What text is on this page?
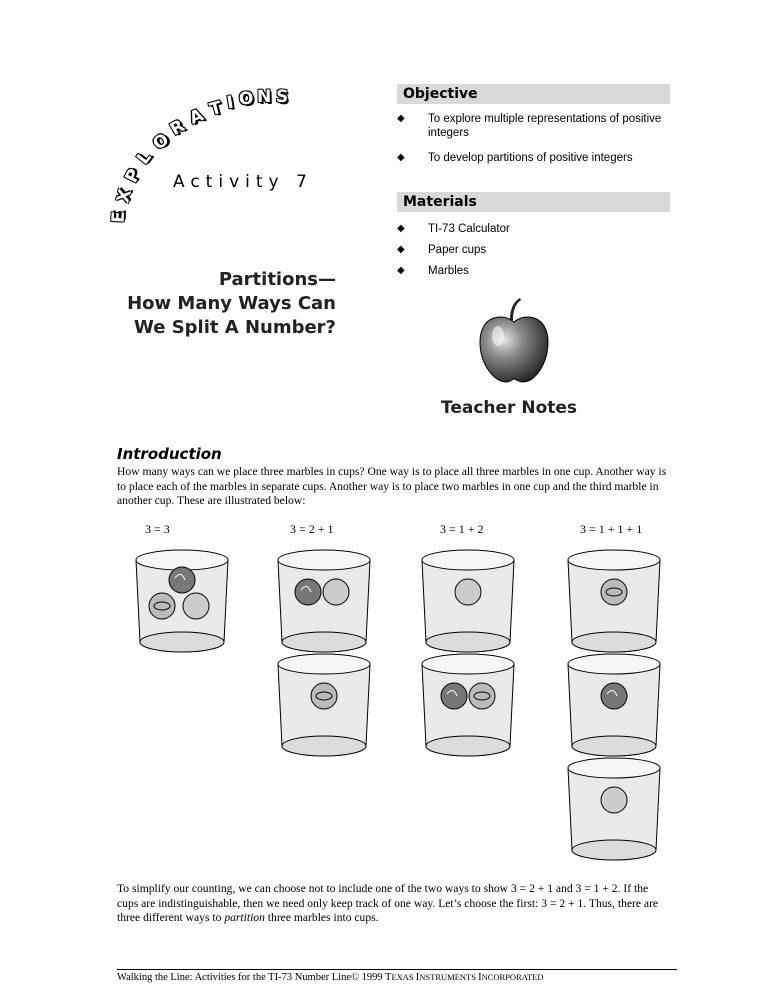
E
X
P
L
O
R
A T I O N S
Activity 7
Partitions—
How Many Ways Can
We Split A Number?
Objective
◆ To explore multiple representations of positive integers
◆ To develop partitions of positive integers
Materials
◆ TI-73 Calculator
◆ Paper cups
◆ Marbles
Teacher Notes
Introduction
How many ways can we place three marbles in cups? One way is to place all three marbles in one cup. Another way is to place each of the marbles in separate cups. Another way is to place two marbles in one cup and the third marble in another cup. These are illustrated below:
3 = 3	3 = 2 + 1	3 = 1 + 2	3 = 1 + 1 + 1
To simplify our counting, we can choose not to include one of the two ways to show 3 = 2 + 1 and 3 = 1 + 2. If the cups are indistinguishable, then we need only keep track of one way. Let’s choose the first: 3 = 2 + 1. Thus, there are three different ways to partition three marbles into cups.
Walking the Line: Activities for the TI-73 Number Line© 1999 TEXAS INSTRUMENTS INCORPORATED
